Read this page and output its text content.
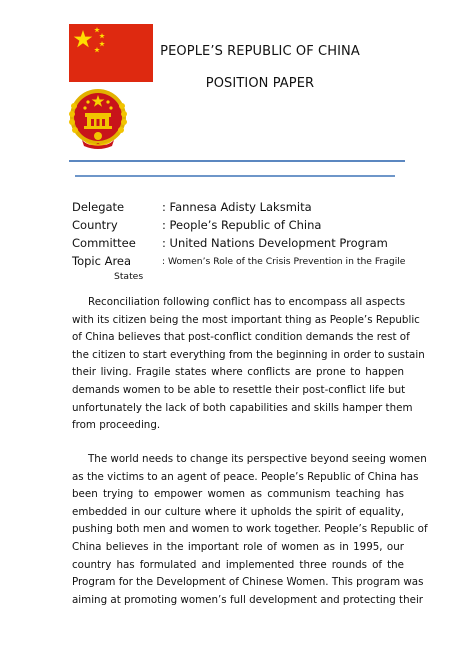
PEOPLE’S REPUBLIC OF CHINA
POSITION PAPER
Delegate	: Fannesa Adisty Laksmita
Country	: People’s Republic of China
Committee : United Nations Development Program
Topic Area	: Women’s Role of the Crisis Prevention in the Fragile
States
Reconciliation following conflict has to encompass all aspects
with its citizen being the most important thing as People’s Republic
of China believes that post-conflict condition demands the rest of
the citizen to start everything from the beginning in order to sustain
their living. Fragile states where conflicts are prone to happen
demands women to be able to resettle their post-conflict life but
unfortunately the lack of both capabilities and skills hamper them
from proceeding.
The world needs to change its perspective beyond seeing women
as the victims to an agent of peace. People’s Republic of China has
been trying to empower women as communism teaching has
embedded in our culture where it upholds the spirit of equality,
pushing both men and women to work together. People’s Republic of
China believes in the important role of women as in 1995, our
country has formulated and implemented three rounds of the
Program for the Development of Chinese Women. This program was
aiming at promoting women’s full development and protecting their
